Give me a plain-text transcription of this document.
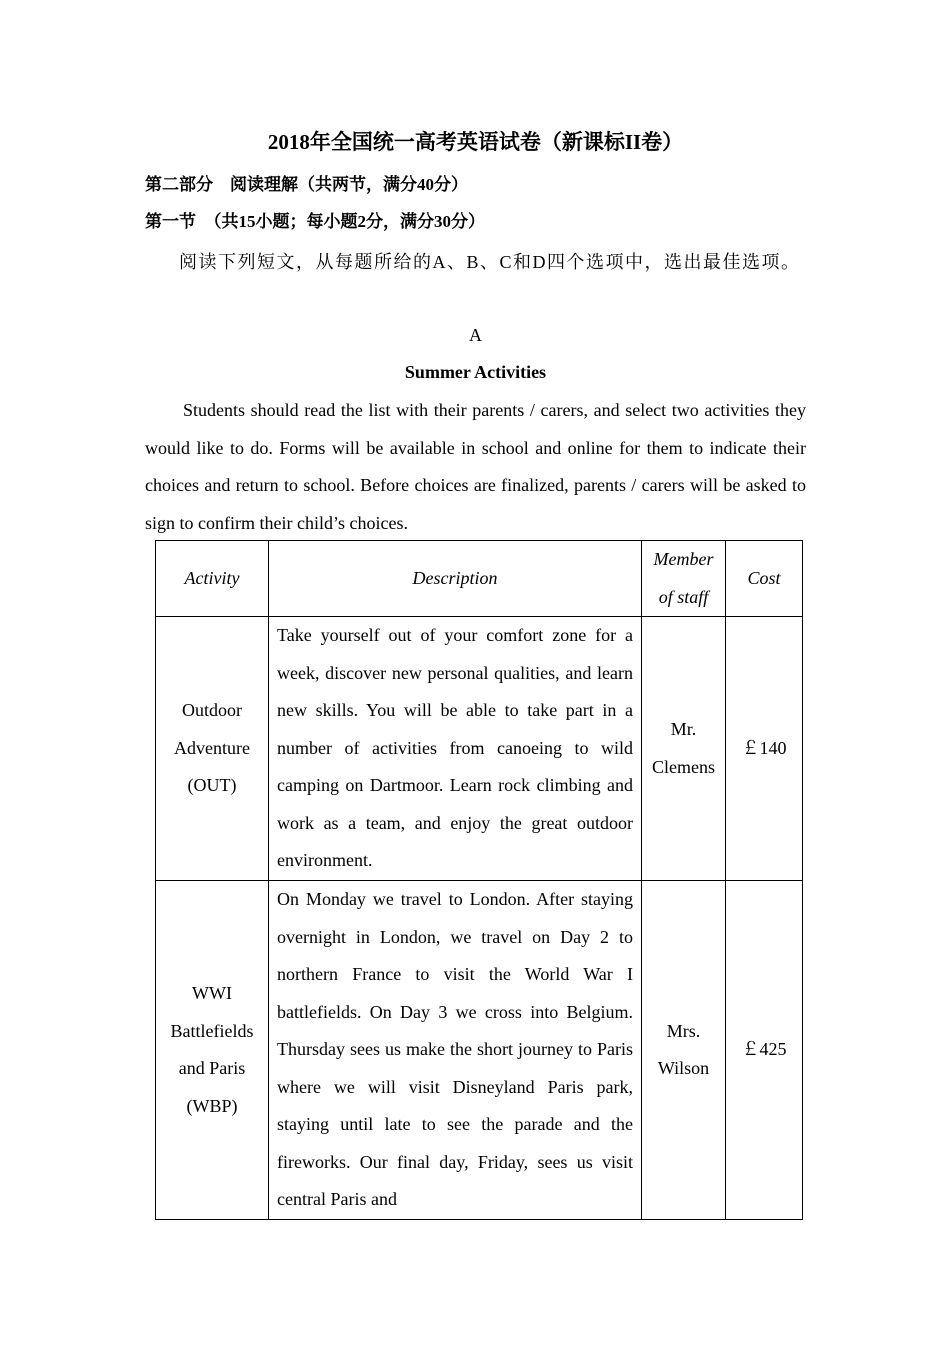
2018年全国统一高考英语试卷（新课标II卷）
第二部分　阅读理解（共两节，满分40分）
第一节　（共15小题；每小题2分，满分30分）
阅读下列短文，从每题所给的A、B、C和D四个选项中，选出最佳选项。
A
Summer Activities
Students should read the list with their parents / carers, and select two activities they would like to do. Forms will be available in school and online for them to indicate their choices and return to school. Before choices are finalized, parents / carers will be asked to sign to confirm their child’s choices.
Activity	Description	Member of staff	Cost
Outdoor Adventure (OUT)	Take yourself out of your comfort zone for a week, discover new personal qualities, and learn new skills. You will be able to take part in a number of activities from canoeing to wild camping on Dartmoor. Learn rock climbing and work as a team, and enjoy the great outdoor environment.	Mr. Clemens	￡140
WWI Battlefields and Paris (WBP)	On Monday we travel to London. After staying overnight in London, we travel on Day 2 to northern France to visit the World War I battlefields. On Day 3 we cross into Belgium. Thursday sees us make the short journey to Paris where we will visit Disneyland Paris park, staying until late to see the parade and the fireworks. Our final day, Friday, sees us visit central Paris and	Mrs. Wilson	￡425
